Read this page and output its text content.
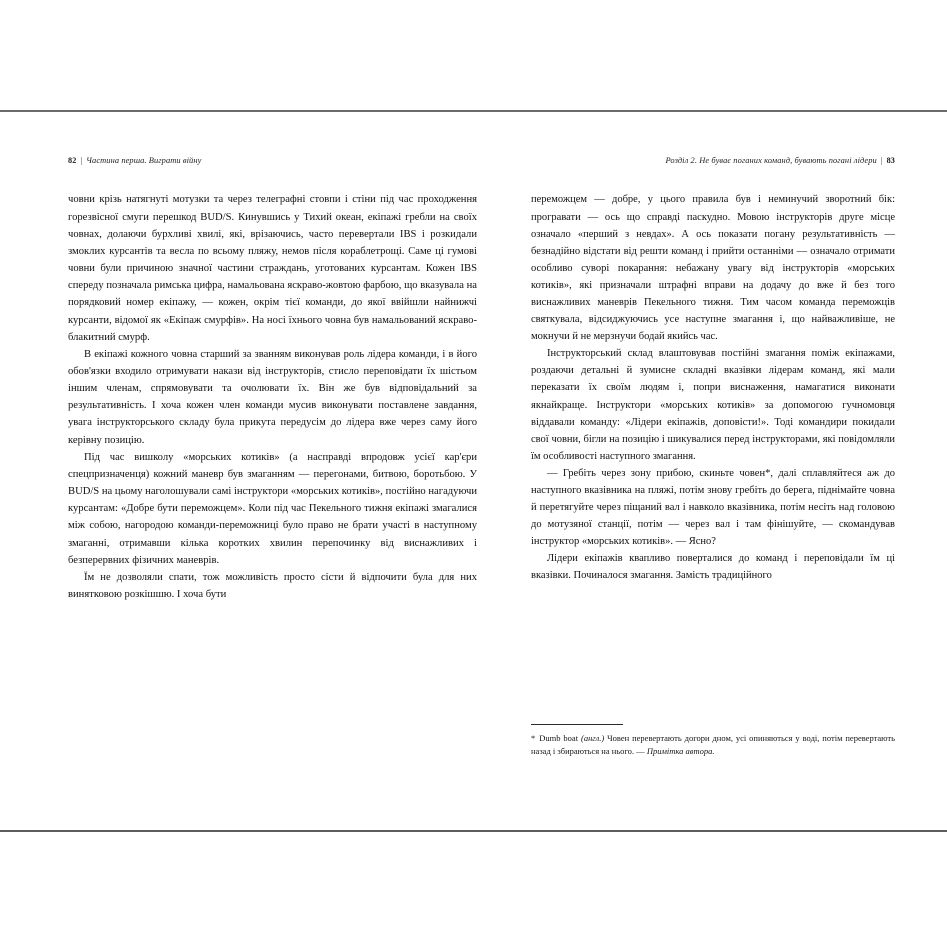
82 | Частина перша. Виграти війну

човни крізь натягнуті мотузки та через телеграфні стовпи і стіни під час проходження горезвісної смуги перешкод BUD/S. Кинувшись у Тихий океан, екіпажі гребли на своїх човнах, долаючи бурхливі хвилі, які, врізаючись, часто перевертали IBS і розкидали змоклих курсантів та весла по всьому пляжу, немов після кораблетрощі. Саме ці гумові човни були причиною значної частини страждань, уготованих курсантам. Кожен IBS спереду позначала римська цифра, намальована яскраво-жовтою фарбою, що вказувала на порядковий номер екіпажу, — кожен, окрім тієї команди, до якої ввійшли найнижчі курсанти, відомої як «Екіпаж смурфів». На носі їхнього човна був намальований яскраво-блакитний смурф.

В екіпажі кожного човна старший за званням виконував роль лідера команди, і в його обов'язки входило отримувати накази від інструкторів, стисло переповідати їх шістьом іншим членам, спрямовувати та очолювати їх. Він же був відповідальний за результативність. І хоча кожен член команди мусив виконувати поставлене завдання, увага інструкторського складу була прикута передусім до лідера вже через саму його керівну позицію.

Під час вишколу «морських котиків» (а насправді впродовж усієї кар'єри спецпризначенця) кожний маневр був змаганням — перегонами, битвою, боротьбою. У BUD/S на цьому наголошували самі інструктори «морських котиків», постійно нагадуючи курсантам: «Добре бути переможцем». Коли під час Пекельного тижня екіпажі змагалися між собою, нагородою команди-переможниці було право не брати участі в наступному змаганні, отримавши кілька коротких хвилин перепочинку від виснажливих і безперервних фізичних маневрів.

Їм не дозволяли спати, тож можливість просто сісти й відпочити була для них винятковою розкішшю. І хоча бути

Розділ 2. Не буває поганих команд, бувають погані лідери | 83

переможцем — добре, у цього правила був і неминучий зворотний бік: програвати — ось що справді паскудно. Мовою інструкторів друге місце означало «перший з невдах». А ось показати погану результативність — безнадійно відстати від решти команд і прийти останніми — означало отримати особливо суворі покарання: небажану увагу від інструкторів «морських котиків», які призначали штрафні вправи на додачу до вже й без того виснажливих маневрів Пекельного тижня. Тим часом команда переможців святкувала, відсиджуючись усе наступне змагання і, що найважливіше, не мокнучи й не мерзнучи бодай якийсь час.

Інструкторський склад влаштовував постійні змагання поміж екіпажами, роздаючи детальні й зумисне складні вказівки лідерам команд, які мали переказати їх своїм людям і, попри виснаження, намагатися виконати якнайкраще. Інструктори «морських котиків» за допомогою гучномовця віддавали команду: «Лідери екіпажів, доповісти!». Тоді командири покидали свої човни, бігли на позицію і шикувалися перед інструкторами, які повідомляли їм особливості наступного змагання.

— Гребіть через зону прибою, скиньте човен*, далі сплавляйтеся аж до наступного вказівника на пляжі, потім знову гребіть до берега, піднімайте човна й перетягуйте через піщаний вал і навколо вказівника, потім несіть над головою до мотузяної станції, потім — через вал і там фінішуйте, — скомандував інструктор «морських котиків». — Ясно?

Лідери екіпажів квапливо поверталися до команд і переповідали їм ці вказівки. Починалося змагання. Замість традиційного

* Dumb boat (англ.) Човен перевертають догори дном, усі опиняються у воді, потім перевертають назад і збираються на нього. — Примітка автора.
